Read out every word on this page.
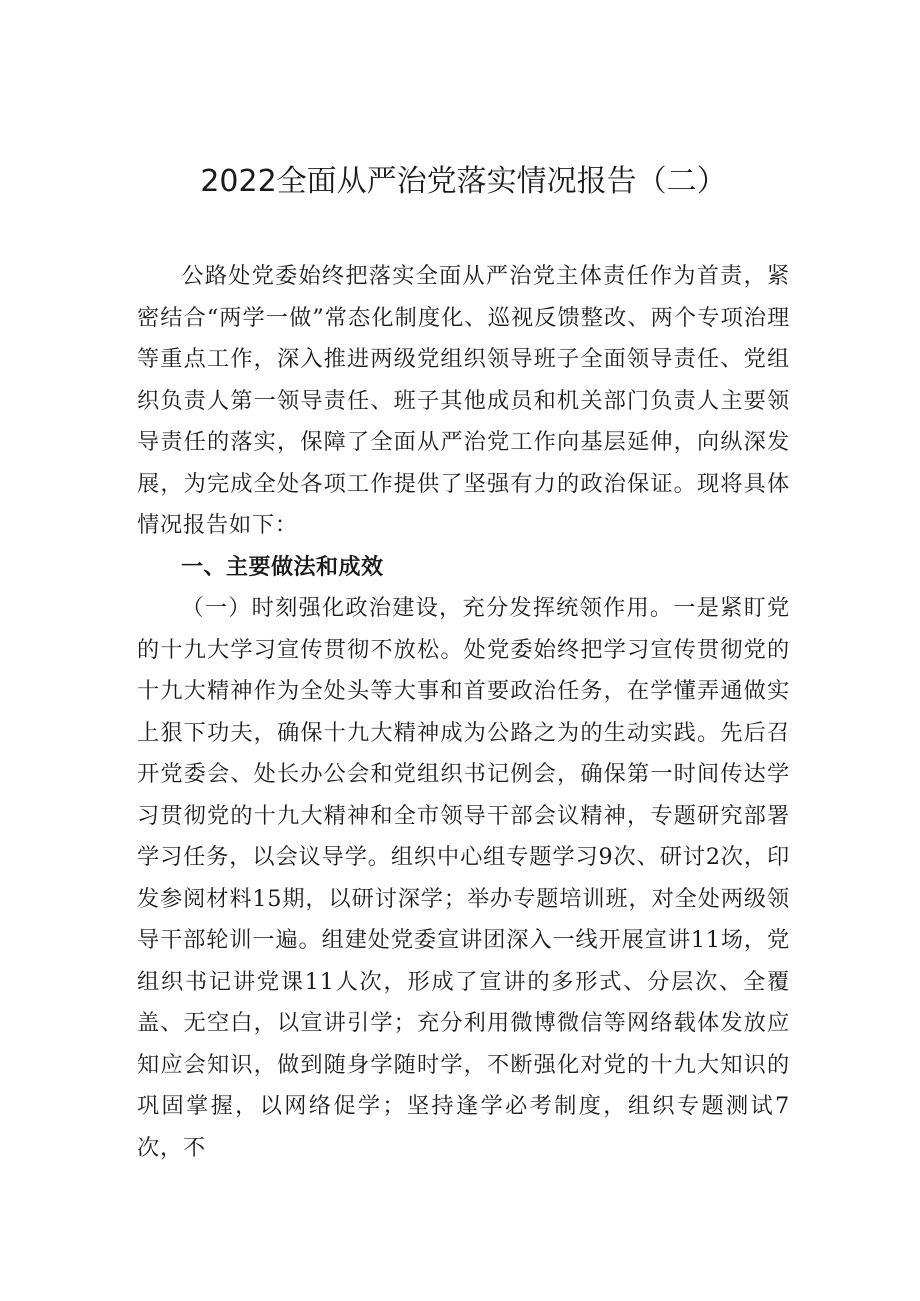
2022全面从严治党落实情况报告（二）

公路处党委始终把落实全面从严治党主体责任作为首责，紧密结合“两学一做”常态化制度化、巡视反馈整改、两个专项治理等重点工作，深入推进两级党组织领导班子全面领导责任、党组织负责人第一领导责任、班子其他成员和机关部门负责人主要领导责任的落实，保障了全面从严治党工作向基层延伸，向纵深发展，为完成全处各项工作提供了坚强有力的政治保证。现将具体情况报告如下：

一、主要做法和成效

（一）时刻强化政治建设，充分发挥统领作用。一是紧盯党的十九大学习宣传贯彻不放松。处党委始终把学习宣传贯彻党的十九大精神作为全处头等大事和首要政治任务，在学懂弄通做实上狠下功夫，确保十九大精神成为公路之为的生动实践。先后召开党委会、处长办公会和党组织书记例会，确保第一时间传达学习贯彻党的十九大精神和全市领导干部会议精神，专题研究部署学习任务，以会议导学。组织中心组专题学习9次、研讨2次，印发参阅材料15期，以研讨深学；举办专题培训班，对全处两级领导干部轮训一遍。组建处党委宣讲团深入一线开展宣讲11场，党组织书记讲党课11人次，形成了宣讲的多形式、分层次、全覆盖、无空白，以宣讲引学；充分利用微博微信等网络载体发放应知应会知识，做到随身学随时学，不断强化对党的十九大知识的巩固掌握，以网络促学；坚持逢学必考制度，组织专题测试7次，不
